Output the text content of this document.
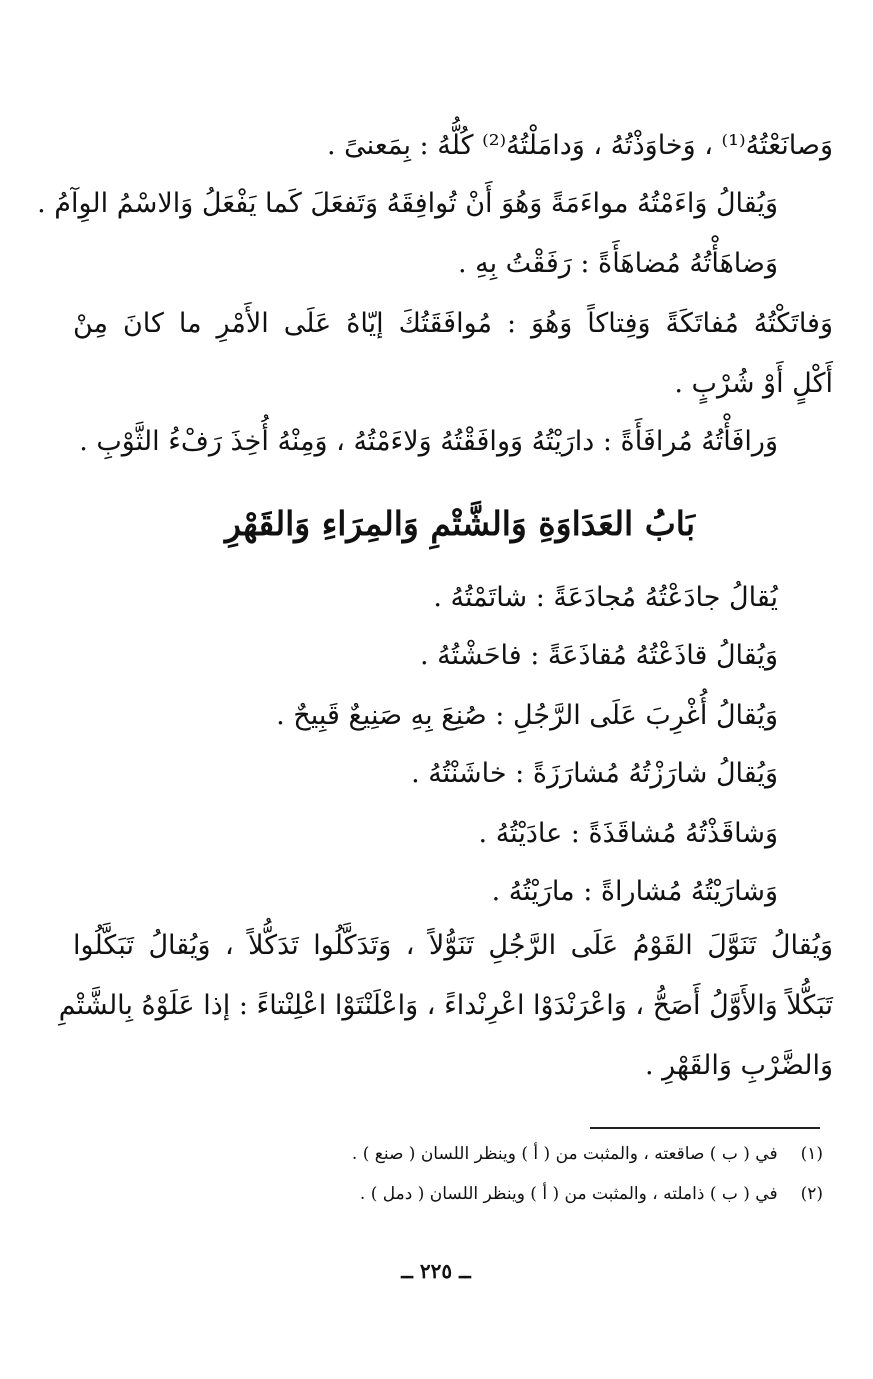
وَصانَعْتُهُ⁽¹⁾ ، وَخاوَذْتُهُ ، وَدامَلْتُهُ⁽²⁾ كُلُّهُ : بِمَعنىً .
وَيُقالُ وَاءَمْتُهُ مواءَمَةً وَهُوَ أَنْ تُوافِقَهُ وَتَفعَلَ كَما يَفْعَلُ وَالاسْمُ الوِآمُ .
وَضاهَأْتُهُ مُضاهَأَةً : رَفَقْتُ بِهِ .
وَفاتَكْتُهُ مُفاتَكَةً وَفِتاكاً وَهُوَ : مُوافَقَتُكَ إيّاهُ عَلَى الأَمْرِ ما كانَ مِنْ
أَكْلٍ أَوْ شُرْبٍ .
وَرافَأْتُهُ مُرافَأَةً : دارَيْتُهُ وَوافَقْتُهُ وَلاءَمْتُهُ ، وَمِنْهُ أُخِذَ رَفْءُ الثَّوْبِ .
بَابُ العَدَاوَةِ وَالشَّتْمِ وَالمِرَاءِ وَالقَهْرِ
يُقالُ جادَعْتُهُ مُجادَعَةً : شاتَمْتُهُ .
وَيُقالُ قاذَعْتُهُ مُقاذَعَةً : فاحَشْتُهُ .
وَيُقالُ أُغْرِبَ عَلَى الرَّجُلِ : صُنِعَ بِهِ صَنِيعٌ قَبِيحٌ .
وَيُقالُ شارَزْتُهُ مُشارَزَةً : خاشَنْتُهُ .
وَشاقَذْتُهُ مُشاقَذَةً : عادَيْتُهُ .
وَشارَيْتُهُ مُشاراةً : مارَيْتُهُ .
وَيُقالُ تَنَوَّلَ القَوْمُ عَلَى الرَّجُلِ تَنَوُّلاً ، وَتَدَكَّلُوا تَدَكُّلاً ، وَيُقالُ تَبَكَّلُوا
تَبَكُّلاً وَالأَوَّلُ أَصَحُّ ، وَاعْرَنْدَوْا اعْرِنْداءً ، وَاعْلَنْتَوْا اعْلِنْتاءً : إذا عَلَوْهُ بِالشَّتْمِ
وَالضَّرْبِ وَالقَهْرِ .
(١) في ( ب ) صاقعته ، والمثبت من ( أ ) وينظر اللسان ( صنع ) .
(٢) في ( ب ) ذاملته ، والمثبت من ( أ ) وينظر اللسان ( دمل ) .
ــ ٢٢٥ ــ
